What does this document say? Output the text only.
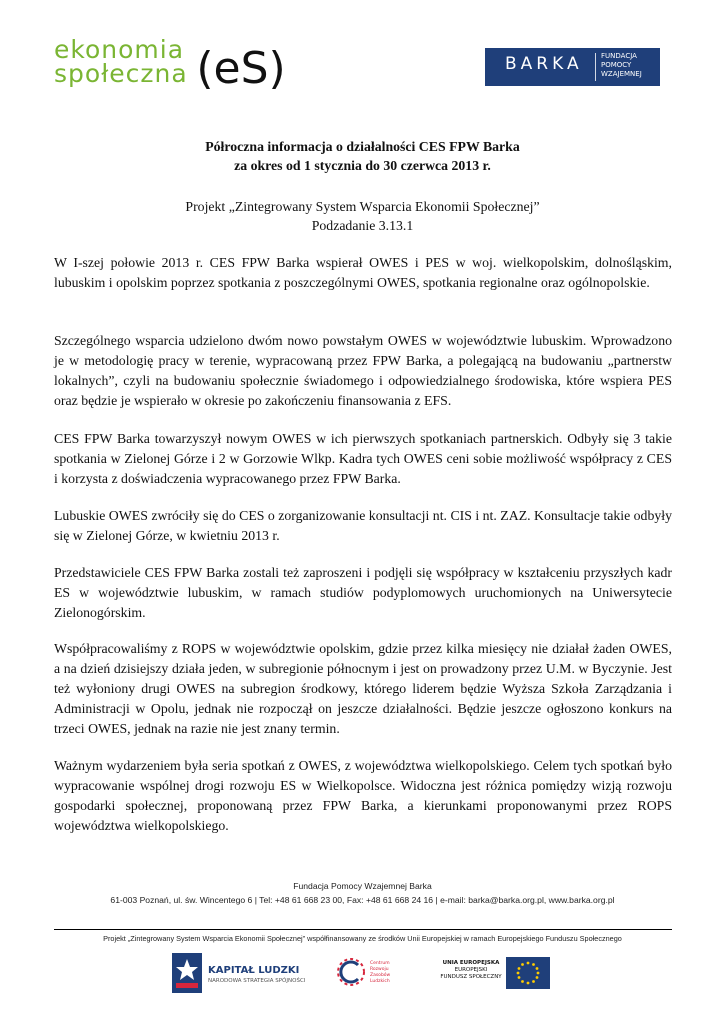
ekonomia
społeczna (eS)	BARKA	FUNDACJA
POMOCY
WZAJEMNEJ
Półroczna informacja o działalności CES FPW Barka
za okres od 1 stycznia do 30 czerwca 2013 r.
Projekt „Zintegrowany System Wsparcia Ekonomii Społecznej”
Podzadanie 3.13.1

W I-szej połowie 2013 r. CES FPW Barka wspierał OWES i PES w woj. wielkopolskim, dolnośląskim, lubuskim i opolskim poprzez spotkania z poszczególnymi OWES, spotkania regionalne oraz ogólnopolskie.

Szczególnego wsparcia udzielono dwóm nowo powstałym OWES w województwie lubuskim. Wprowadzono je w metodologię pracy w terenie, wypracowaną przez FPW Barka, a polegającą na budowaniu „partnerstw lokalnych”, czyli na budowaniu społecznie świadomego i odpowiedzialnego środowiska, które wspiera PES oraz będzie je wspierało w okresie po zakończeniu finansowania z EFS.

CES FPW Barka towarzyszył nowym OWES w ich pierwszych spotkaniach partnerskich. Odbyły się 3 takie spotkania w Zielonej Górze i 2 w Gorzowie Wlkp. Kadra tych OWES ceni sobie możliwość współpracy z CES i korzysta z doświadczenia wypracowanego przez FPW Barka.

Lubuskie OWES zwróciły się do CES o zorganizowanie konsultacji nt. CIS i nt. ZAZ. Konsultacje takie odbyły się w Zielonej Górze, w kwietniu 2013 r.

Przedstawiciele CES FPW Barka zostali też zaproszeni i podjęli się współpracy w kształceniu przyszłych kadr ES w województwie lubuskim, w ramach studiów podyplomowych uruchomionych na Uniwersytecie Zielonogórskim.

Współpracowaliśmy z ROPS w województwie opolskim, gdzie przez kilka miesięcy nie działał żaden OWES, a na dzień dzisiejszy działa jeden, w subregionie północnym i jest on prowadzony przez U.M. w Byczynie. Jest też wyłoniony drugi OWES na subregion środkowy, którego liderem będzie Wyższa Szkoła Zarządzania i Administracji w Opolu, jednak nie rozpoczął on jeszcze działalności. Będzie jeszcze ogłoszono konkurs na trzeci OWES, jednak na razie nie jest znany termin.

Ważnym wydarzeniem była seria spotkań z OWES, z województwa wielkopolskiego. Celem tych spotkań było wypracowanie wspólnej drogi rozwoju ES w Wielkopolsce. Widoczna jest różnica pomiędzy wizją rozwoju gospodarki społecznej, proponowaną przez FPW Barka, a kierunkami proponowanymi przez ROPS województwa wielkopolskiego.

Fundacja Pomocy Wzajemnej Barka
61-003 Poznań, ul. św. Wincentego 6 | Tel: +48 61 668 23 00, Fax: +48 61 668 24 16 | e-mail: barka@barka.org.pl, www.barka.org.pl
Projekt „Zintegrowany System Wsparcia Ekonomii Społecznej” współfinansowany ze środków Unii Europejskiej w ramach Europejskiego Funduszu Społecznego
KAPITAŁ LUDZKI
NARODOWA STRATEGIA SPÓJNOŚCI
Centrum Rozwoju Zasobów Ludzkich
UNIA EUROPEJSKA
EUROPEJSKI
FUNDUSZ SPOŁECZNY
